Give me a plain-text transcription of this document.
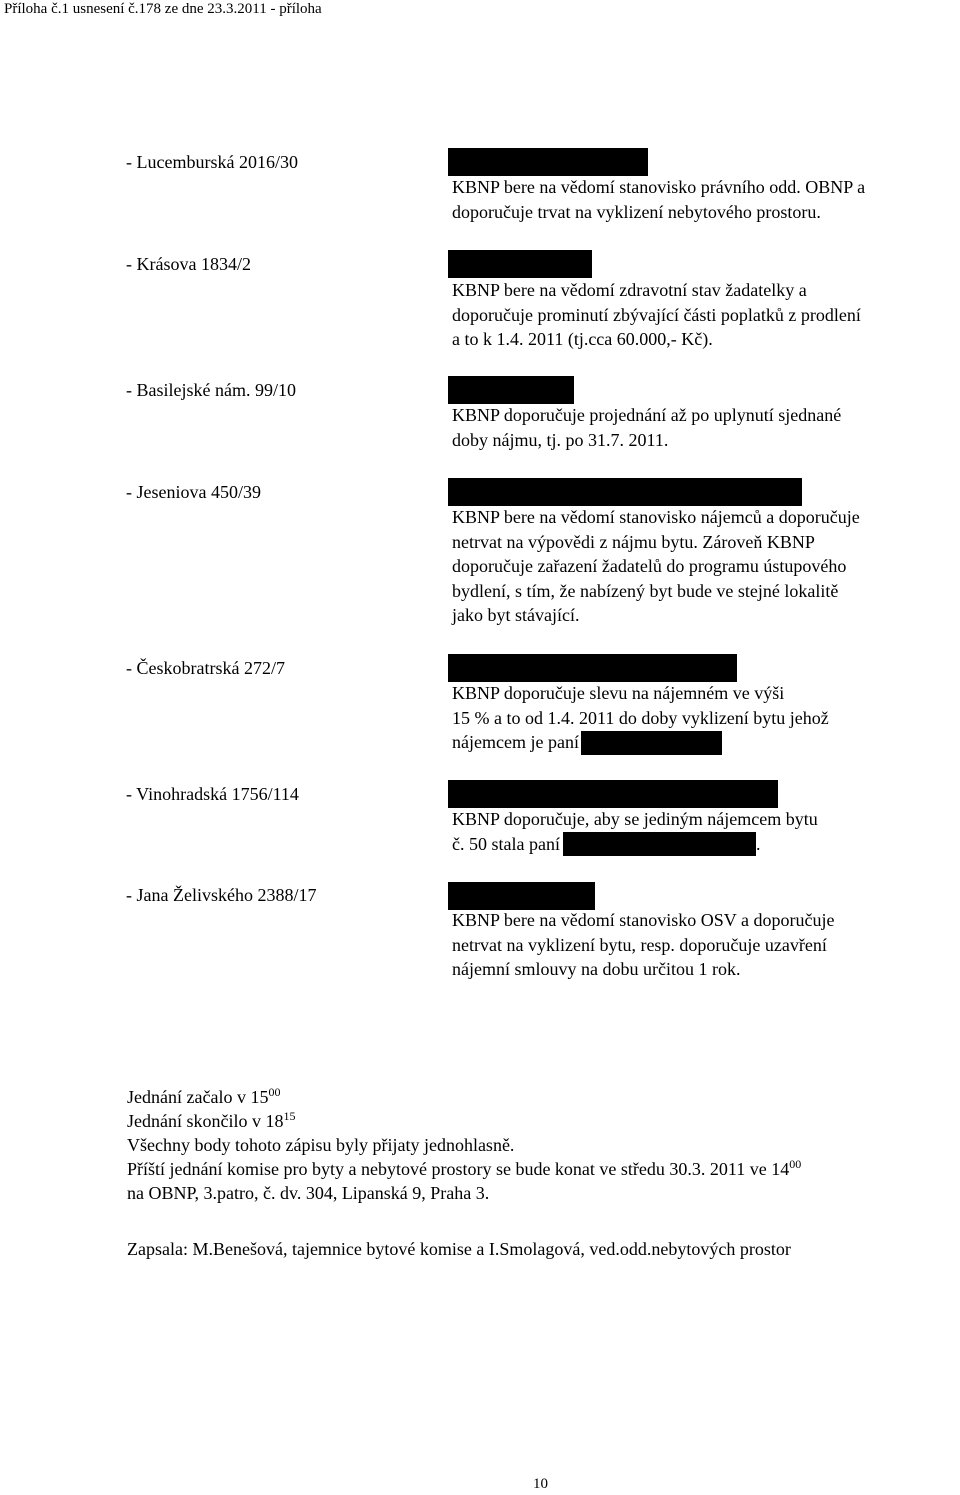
Příloha č.1 usnesení č.178 ze dne 23.3.2011 - příloha
- Lucemburská 2016/30
KBNP bere na vědomí stanovisko právního odd. OBNP a
doporučuje trvat na vyklizení nebytového prostoru.
- Krásova 1834/2
KBNP bere na vědomí zdravotní stav žadatelky a
doporučuje prominutí zbývající části poplatků z prodlení
a to k 1.4. 2011 (tj.cca 60.000,- Kč).
- Basilejské nám. 99/10
KBNP doporučuje projednání až po uplynutí sjednané
doby nájmu, tj. po 31.7. 2011.
- Jeseniova 450/39
KBNP bere na vědomí stanovisko nájemců a doporučuje
netrvat na výpovědi z nájmu bytu. Zároveň KBNP
doporučuje zařazení žadatelů do programu ústupového
bydlení, s tím, že nabízený byt bude ve stejné lokalitě
jako byt stávající.
- Českobratrská 272/7
KBNP doporučuje slevu na nájemném ve výši
15 % a to od 1.4. 2011 do doby vyklizení bytu jehož
nájemcem je paní
- Vinohradská 1756/114
KBNP doporučuje, aby se jediným nájemcem bytu
č. 50 stala paní	.
- Jana Želivského 2388/17
KBNP bere na vědomí stanovisko OSV a doporučuje
netrvat na vyklizení bytu, resp. doporučuje uzavření
nájemní smlouvy na dobu určitou 1 rok.
Jednání začalo v $15^{00}$
Jednání skončilo v $18^{15}$
Všechny body tohoto zápisu byly přijaty jednohlasně.
Příští jednání komise pro byty a nebytové prostory se bude konat ve středu 30.3. 2011 ve $14^{00}$
na OBNP, 3.patro, č. dv. 304, Lipanská 9, Praha 3.
Zapsala: M.Benešová, tajemnice bytové komise a I.Smolagová, ved.odd.nebytových prostor
10
